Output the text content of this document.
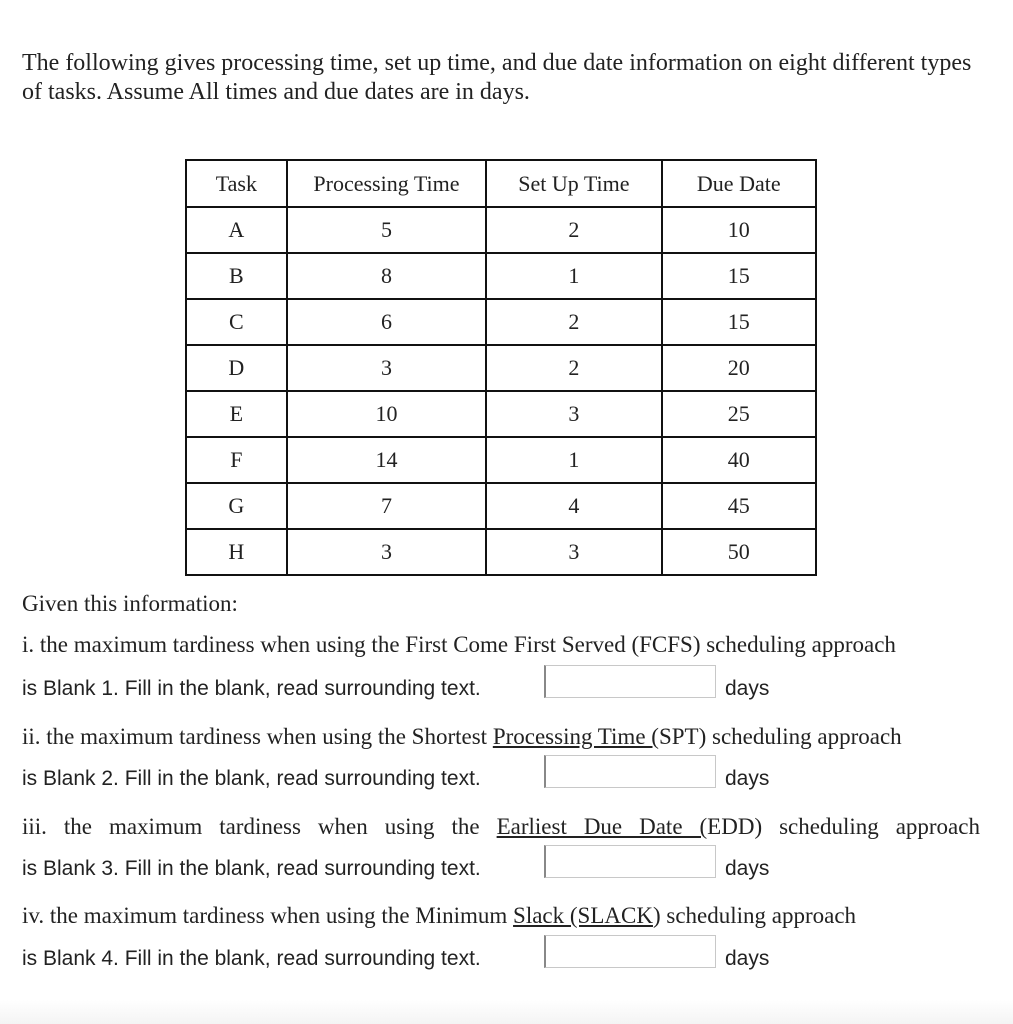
The following gives processing time, set up time, and due date information on eight different types of tasks. Assume All times and due dates are in days.

Task	Processing Time	Set Up Time	Due Date
A	5	2	10
B	8	1	15
C	6	2	15
D	3	2	20
E	10	3	25
F	14	1	40
G	7	4	45
H	3	3	50
Given this information:
i. the maximum tardiness when using the First Come First Served (FCFS) scheduling approach
is Blank 1. Fill in the blank, read surrounding text.	days
ii. the maximum tardiness when using the Shortest Processing Time (SPT) scheduling approach
is Blank 2. Fill in the blank, read surrounding text.	days
iii. the maximum tardiness when using the Earliest Due Date (EDD) scheduling approach
is Blank 3. Fill in the blank, read surrounding text.	days
iv. the maximum tardiness when using the Minimum Slack (SLACK) scheduling approach
is Blank 4. Fill in the blank, read surrounding text.	days
